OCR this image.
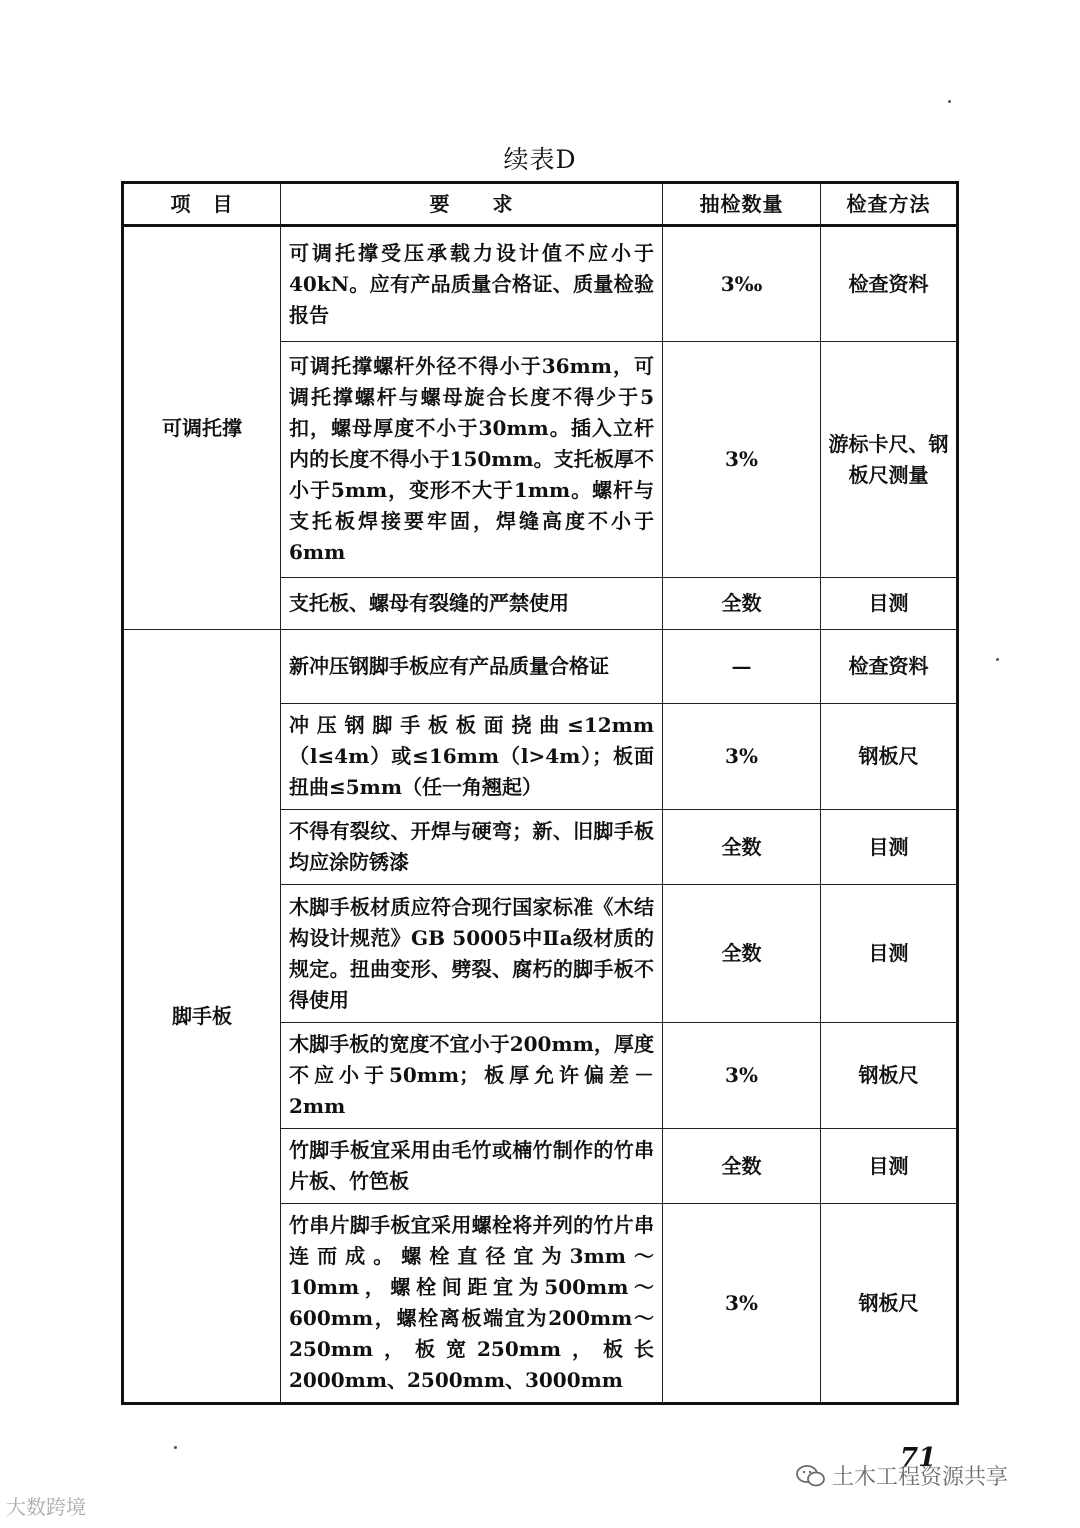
续表D
项　目	要　　求	抽检数量	检查方法
可调托撑	可调托撑受压承载力设计值不应小于40kN。应有产品质量合格证、质量检验报告	3‰	检查资料
	可调托撑螺杆外径不得小于36mm，可调托撑螺杆与螺母旋合长度不得少于5扣，螺母厚度不小于30mm。插入立杆内的长度不得小于150mm。支托板厚不小于5mm，变形不大于1mm。螺杆与支托板焊接要牢固，焊缝高度不小于6mm	3%	游标卡尺、钢板尺测量
	支托板、螺母有裂缝的严禁使用	全数	目测
脚手板	新冲压钢脚手板应有产品质量合格证	—	检查资料
	冲压钢脚手板板面挠曲≤12mm（l≤4m）或≤16mm（l>4m）；板面扭曲≤5mm（任一角翘起）	3%	钢板尺
	不得有裂纹、开焊与硬弯；新、旧脚手板均应涂防锈漆	全数	目测
	木脚手板材质应符合现行国家标准《木结构设计规范》GB 50005中Ⅱa级材质的规定。扭曲变形、劈裂、腐朽的脚手板不得使用	全数	目测
	木脚手板的宽度不宜小于200mm，厚度不应小于50mm；板厚允许偏差－2mm	3%	钢板尺
	竹脚手板宜采用由毛竹或楠竹制作的竹串片板、竹笆板	全数	目测
	竹串片脚手板宜采用螺栓将并列的竹片串连而成。螺栓直径宜为3mm～10mm，螺栓间距宜为500mm～600mm，螺栓离板端宜为200mm～250mm，板宽250mm，板长2000mm、2500mm、3000mm	3%	钢板尺
71
大数跨境
土木工程资源共享
